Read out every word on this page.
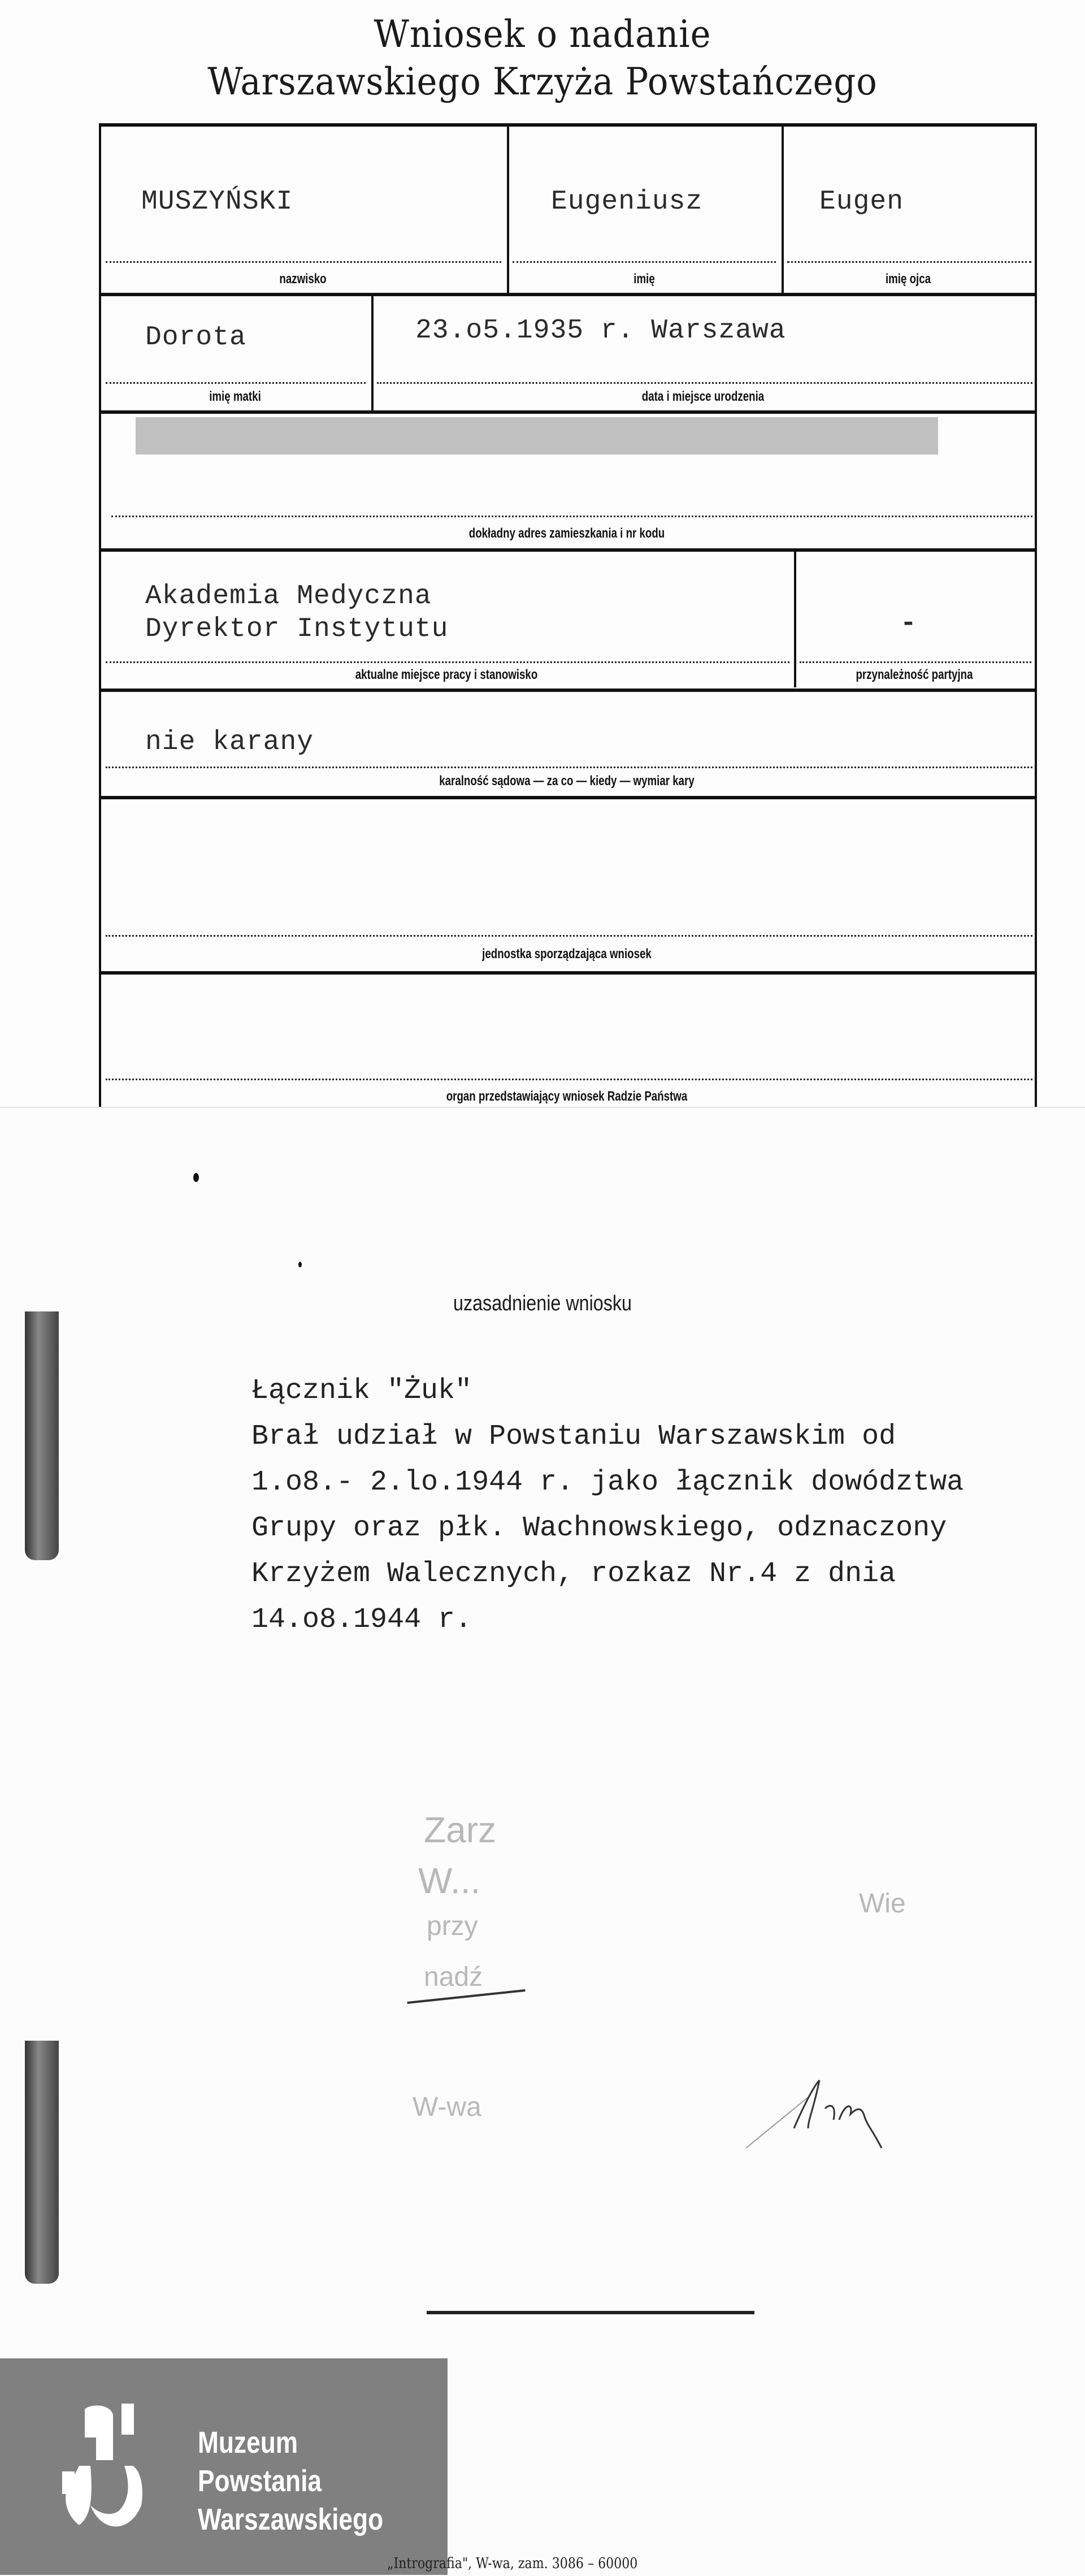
Wniosek o nadanie
Warszawskiego Krzyża Powstańczego
MUSZYŃSKI	Eugeniusz	Eugen
nazwisko	imię	imię ojca
Dorota	23.o5.1935 r. Warszawa
imię matki	data i miejsce urodzenia
dokładny adres zamieszkania i nr kodu
Akademia Medyczna
Dyrektor Instytutu	-
aktualne miejsce pracy i stanowisko	przynależność partyjna
nie karany
karalność sądowa — za co — kiedy — wymiar kary
jednostka sporządzająca wniosek
organ przedstawiający wniosek Radzie Państwa
uzasadnienie wniosku
Łącznik "Żuk"
Brał udział w Powstaniu Warszawskim od
1.o8.- 2.lo.1944 r. jako łącznik dowództwa
Grupy oraz płk. Wachnowskiego, odznaczony
Krzyżem Walecznych, rozkaz Nr.4 z dnia
14.o8.1944 r.
Zarz
W...
przy
Wie
nadź
W-wa
Muzeum
Powstania
Warszawskiego
„Intrografia", W-wa, zam. 3086 – 60000
